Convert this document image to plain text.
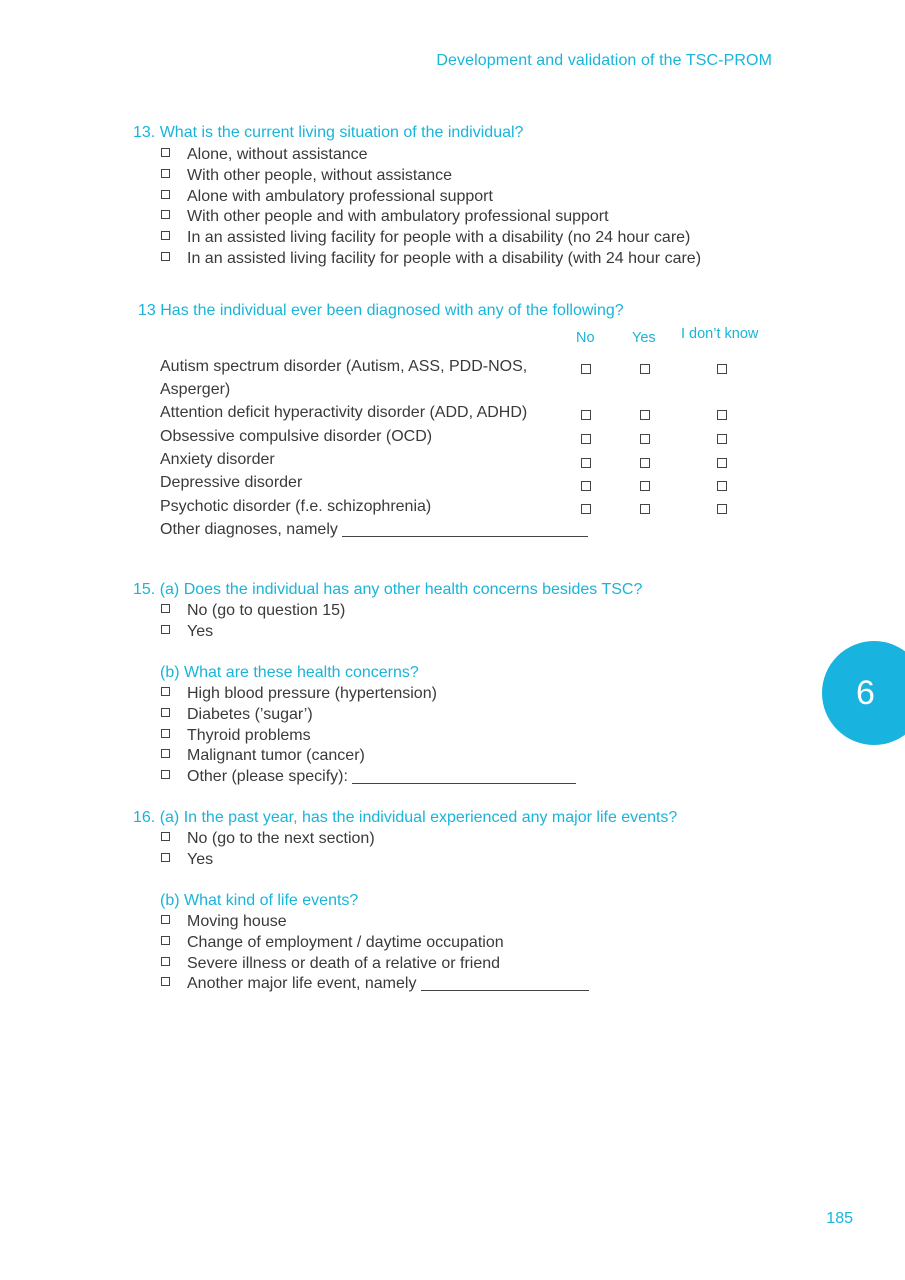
Development and validation of the TSC-PROM
13. What is the current living situation of the individual?
Alone, without assistance
With other people, without assistance
Alone with ambulatory professional support
With other people and with ambulatory professional support
In an assisted living facility for people with a disability (no 24 hour care)
In an assisted living facility for people with a disability (with 24 hour care)
13 Has the individual ever been diagnosed with any of the following?
No	Yes I don’t know
Autism spectrum disorder (Autism, ASS, PDD-NOS,
Asperger)
Attention deficit hyperactivity disorder (ADD, ADHD)
Obsessive compulsive disorder (OCD)
Anxiety disorder
Depressive disorder
Psychotic disorder (f.e. schizophrenia)
Other diagnoses, namely
15. (a) Does the individual has any other health concerns besides TSC?
No (go to question 15)
Yes
(b) What are these health concerns?
High blood pressure (hypertension)
Diabetes (’sugar’)
Thyroid problems
Malignant tumor (cancer)
Other (please specify):
16. (a) In the past year, has the individual experienced any major life events?
No (go to the next section)
Yes
(b) What kind of life events?
Moving house
Change of employment / daytime occupation
Severe illness or death of a relative or friend
Another major life event, namely
6
185
